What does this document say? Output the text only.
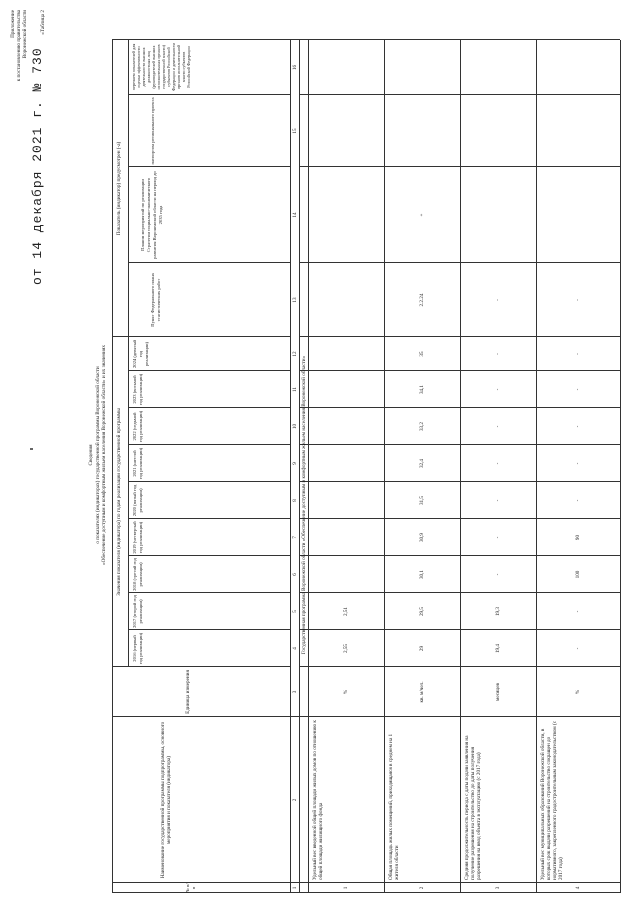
Приложение к постановлению правительства Воронежской области «Таблица 2
от 14 декабря 2021 г. № 730
Сведения о показателях (индикаторах) государственной программы Воронежской области «Обеспечение доступным и комфортным жильем населения Воронежской области» и их значениях
№ п/п
Наименование государственной программы подпрограммы, основного мероприятия и показателя (индикатора)
Единица измерения
Значения показателя (индикатора) по годам реализации государственной программы
Показатель (индикатор) предусмотрен (-а)
2016 (первый год реализации)
2017 (второй год реализации)
2018 (третий год реализации)
2019 (четвертый год реализации)
2020 (пятый год реализации)
2021 (шестой год реализации)
2022 (седьмой год реализации)
2023 (восьмой год реализации)
2024 (девятый год реализации)
Пункт Федерального плана статистических работ
Планом мероприятий по реализации Стратегии социально-экономического развития Воронежской области на период до 2035 года
паспортом регионального проекта
перечнем показателей для оценки эффективности деятельности высших должностных лиц (руководителей высших исполнительных органов государственной власти) субъектов Российской Федерации и деятельности органов исполнительной власти субъектов Российской Федерации
1
2
3
4
5
6
7
8
9
10
11
12
13
14
15
16
Государственная программа Воронежской области «Обеспечение доступным и комфортным жильем населения Воронежской области»
1
Удельный вес введенной общей площади жилых домов по отношению к общей площади жилищного фонда
%
2,55
2,51
2
Общая площадь жилых помещений, приходящаяся в среднем на 1 жителя области
кв. м/чел.
29
29,5
30,1
30,9
31,5
32,4
33,2
34,1
35
2.2.24
+
3
Средняя продолжительность периода с даты подачи заявления на получение разрешения на строительство до даты получения разрешения на ввод объекта в эксплуатацию (с 2017 года)
месяцев
19,4
19,3
-
-
-
-
-
-
-
-
4
Удельный вес муниципальных образований Воронежской области, в которых срок выдачи разрешений на строительство сокращен до нормативного, закрепленного градостроительным законодательством (с 2017 года)
%
-
-
100
90
-
-
-
-
-
-
